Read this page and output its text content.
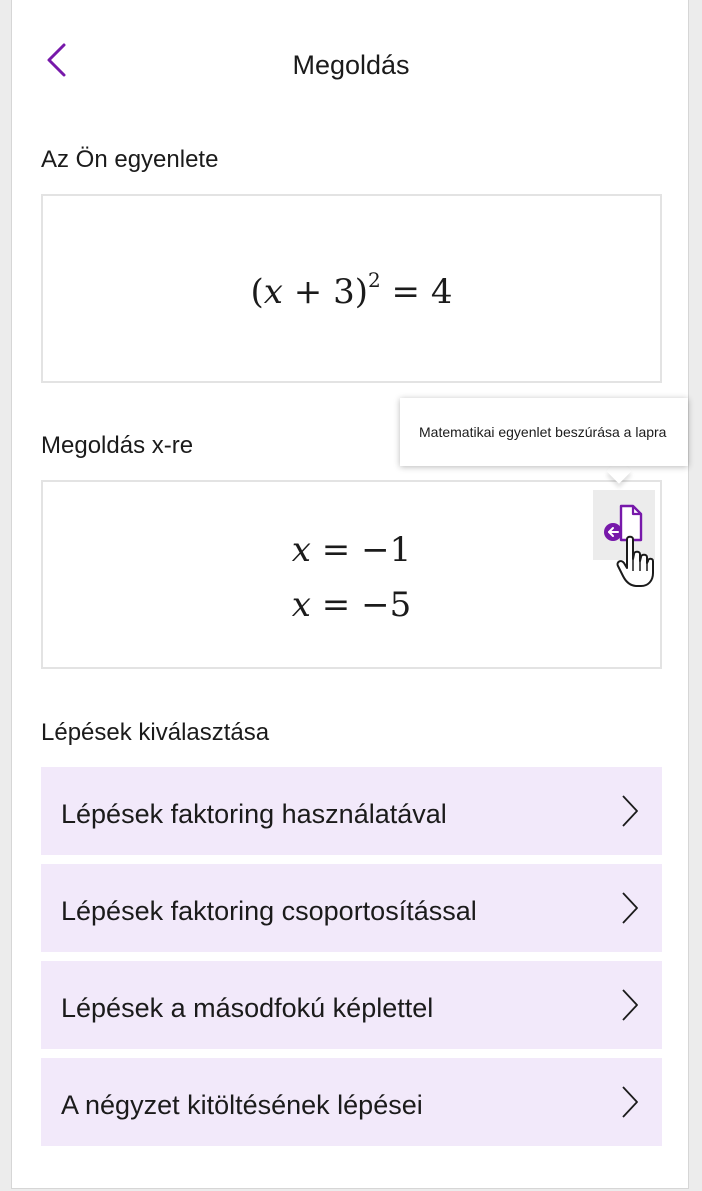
Megoldás
Az Ön egyenlete
$(x + 3)^2 = 4$
Megoldás x-re
x = −1
x = −5
Lépések kiválasztása
Lépések faktoring használatával
Lépések faktoring csoportosítással
Lépések a másodfokú képlettel
A négyzet kitöltésének lépései
Matematikai egyenlet beszúrása a lapra
